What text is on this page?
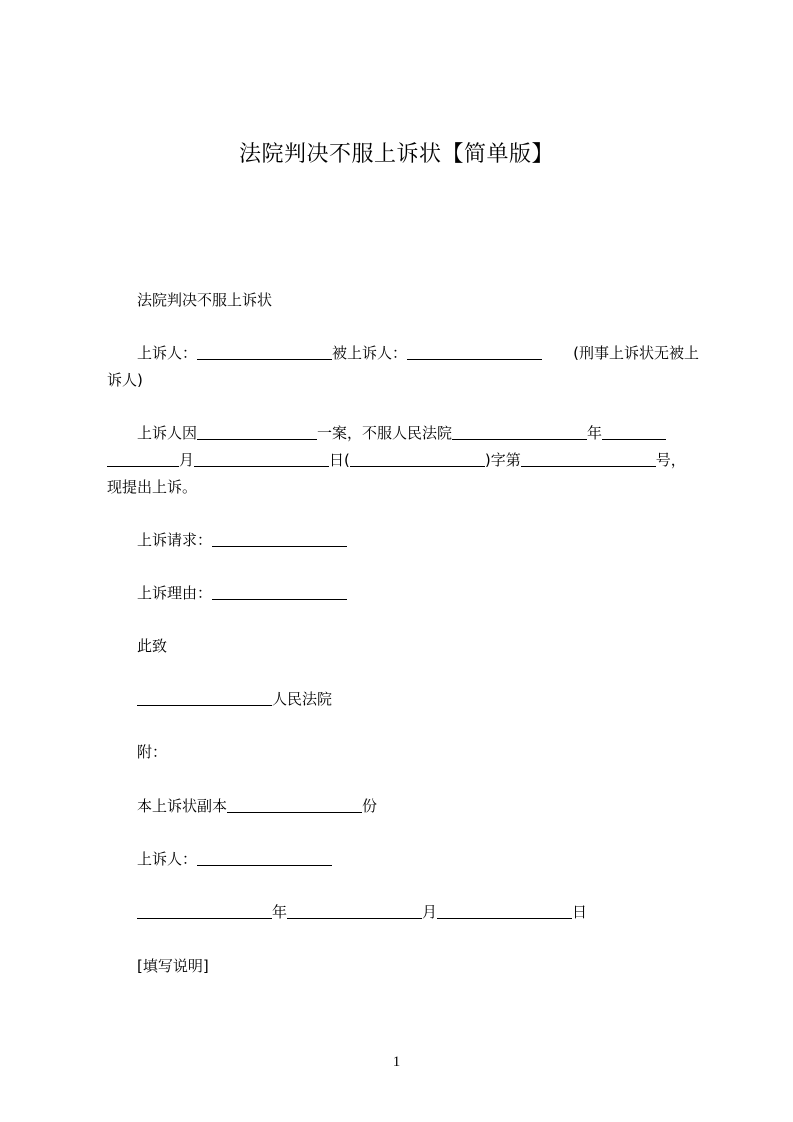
法院判决不服上诉状【简单版】
法院判决不服上诉状
上诉人：	被上诉人：	(刑事上诉状无被上
诉人)
上诉人因	一案，不服人民法院	年
月	日(	)字第	号，
现提出上诉。
上诉请求：
上诉理由：
此致
人民法院
附：
本上诉状副本	份
上诉人：
年	月	日
[填写说明]
1
